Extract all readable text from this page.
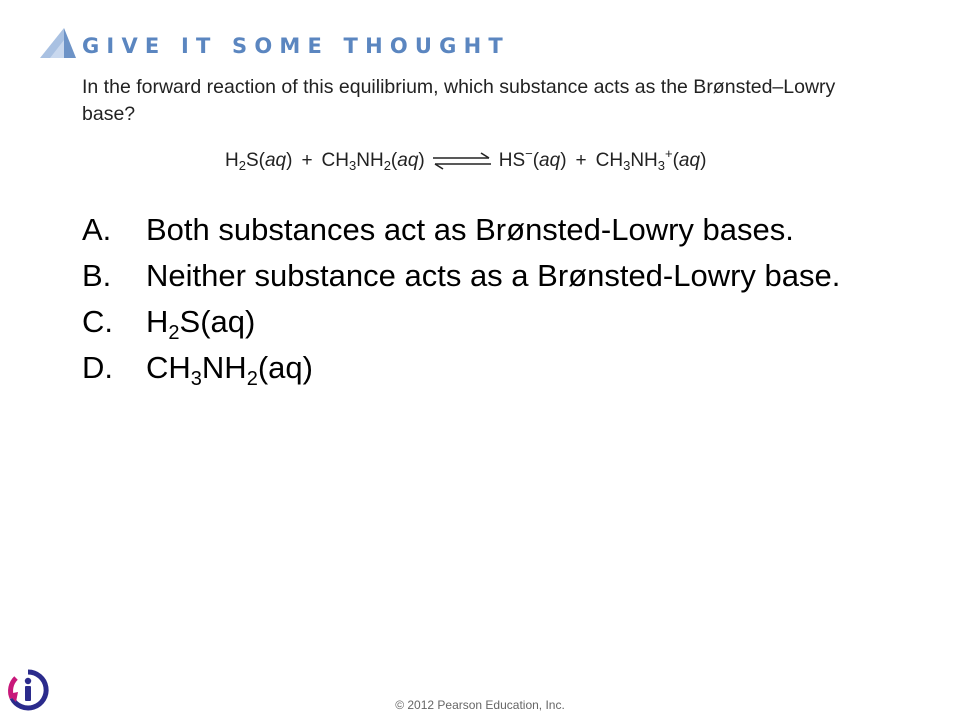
GIVE IT SOME THOUGHT
In the forward reaction of this equilibrium, which substance acts as the Brønsted–Lowry base?
$H_2S(aq) + CH_3NH_2(aq)$ ⇌ $HS^-(aq) + CH_3NH_3^+(aq)$
A.	Both substances act as Brønsted-Lowry bases.
B.	Neither substance acts as a Brønsted-Lowry base.
C.	$H_2S(aq)$
D.	$CH_3NH_2(aq)$
© 2012 Pearson Education, Inc.
